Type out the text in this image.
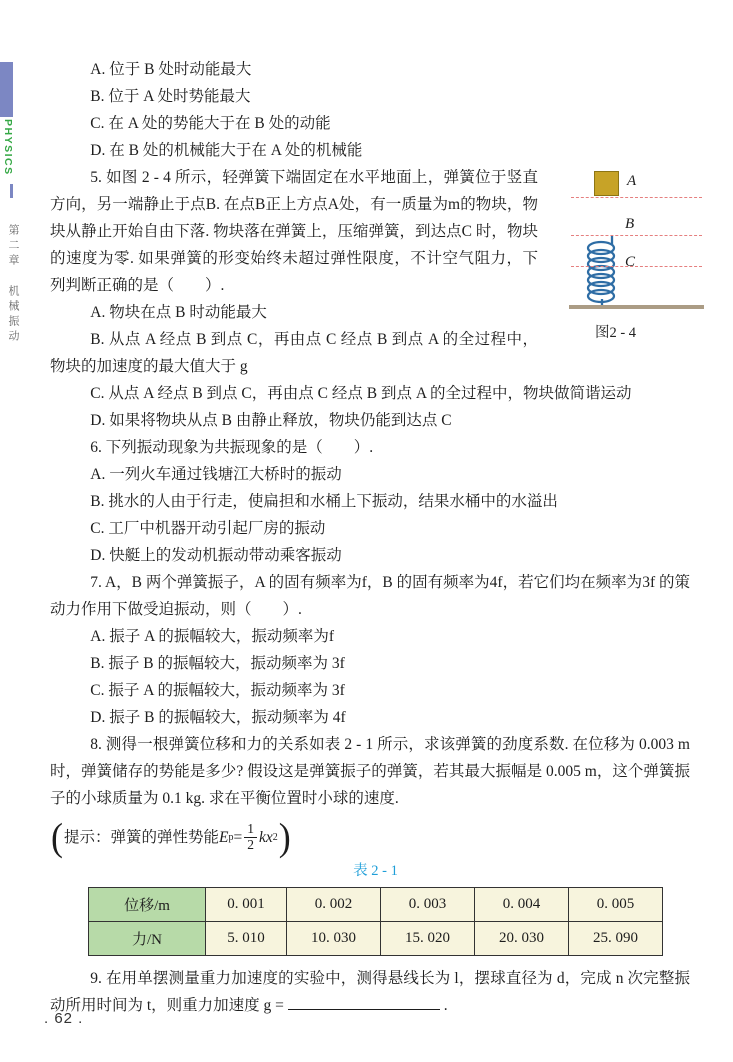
PHYSICS
第二章机械振动
A
B
C
图2 - 4
A. 位于 B 处时动能最大
B. 位于 A 处时势能最大
C. 在 A 处的势能大于在 B 处的动能
D. 在 B 处的机械能大于在 A 处的机械能
5. 如图 2 - 4 所示，轻弹簧下端固定在水平地面上，弹簧位于竖直方向，另一端静止于点B. 在点B正上方点A处，有一质量为m的物块，物块从静止开始自由下落. 物块落在弹簧上，压缩弹簧，到达点C 时，物块的速度为零. 如果弹簧的形变始终未超过弹性限度，不计空气阻力，下列判断正确的是（　　）.
A. 物块在点 B 时动能最大
B. 从点 A 经点 B 到点 C，再由点 C 经点 B 到点 A 的全过程中，物块的加速度的最大值大于 g
C. 从点 A 经点 B 到点 C，再由点 C 经点 B 到点 A 的全过程中，物块做简谐运动
D. 如果将物块从点 B 由静止释放，物块仍能到达点 C
6. 下列振动现象为共振现象的是（　　）.
A. 一列火车通过钱塘江大桥时的振动
B. 挑水的人由于行走，使扁担和水桶上下振动，结果水桶中的水溢出
C. 工厂中机器开动引起厂房的振动
D. 快艇上的发动机振动带动乘客振动
7. A，B 两个弹簧振子，A 的固有频率为f，B 的固有频率为4f，若它们均在频率为3f 的策动力作用下做受迫振动，则（　　）.
A. 振子 A 的振幅较大，振动频率为f
B. 振子 B 的振幅较大，振动频率为 3f
C. 振子 A 的振幅较大，振动频率为 3f
D. 振子 B 的振幅较大，振动频率为 4f
8. 测得一根弹簧位移和力的关系如表 2 - 1 所示，求该弹簧的劲度系数. 在位移为 0.003 m 时，弹簧储存的势能是多少? 假设这是弹簧振子的弹簧，若其最大振幅是 0.005 m，这个弹簧振子的小球质量为 0.1 kg. 求在平衡位置时小球的速度.
( 提示：弹簧的弹性势能 E $p = \frac{1}{2}$ kx 2 )
表 2 - 1
位移/m	0. 001	0. 002	0. 003	0. 004	0. 005
力/N	5. 010	10. 030	15. 020	20. 030	25. 090
9. 在用单摆测量重力加速度的实验中，测得悬线长为 l，摆球直径为 d，完成 n 次完整振动所用时间为 t，则重力加速度 g =	.
. 62 .
